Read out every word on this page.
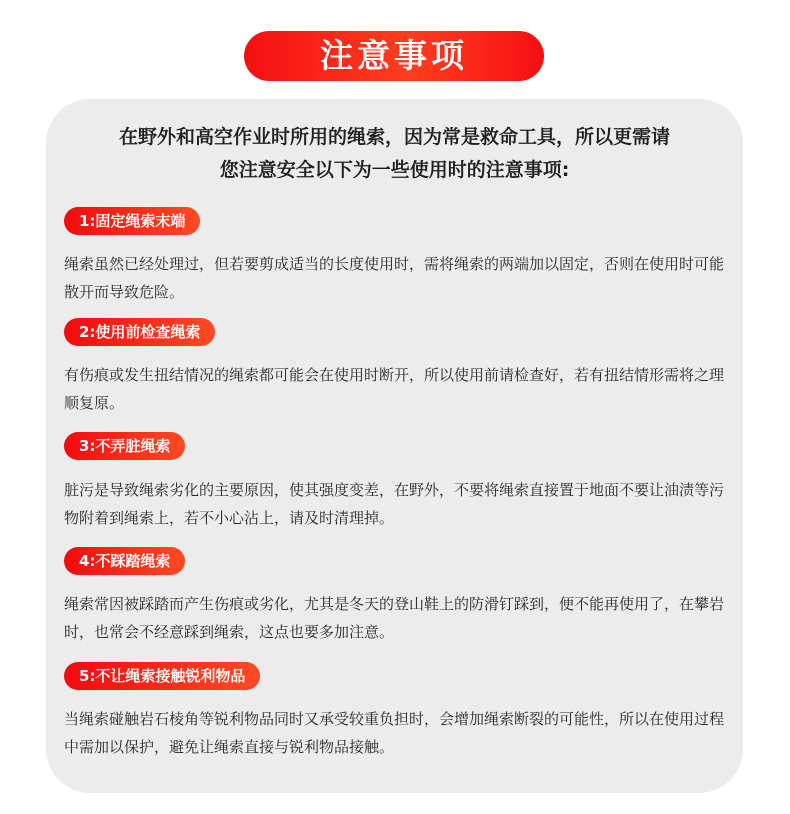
注意事项
在野外和高空作业时所用的绳索，因为常是救命工具，所以更需请
您注意安全以下为一些使用时的注意事项:
1:固定绳索末端
绳索虽然已经处理过，但若要剪成适当的长度使用时，需将绳索的两端加以固定，否则在使用时可能散开而导致危险。
2:使用前检查绳索
有伤痕或发生扭结情况的绳索都可能会在使用时断开，所以使用前请检查好，若有扭结情形需将之理顺复原。
3:不弄脏绳索
脏污是导致绳索劣化的主要原因，使其强度变差，在野外，不要将绳索直接置于地面不要让油渍等污物附着到绳索上，若不小心沾上，请及时清理掉。
4:不踩踏绳索
绳索常因被踩踏而产生伤痕或劣化，尤其是冬天的登山鞋上的防滑钉踩到，便不能再使用了，在攀岩时，也常会不经意踩到绳索，这点也要多加注意。
5:不让绳索接触锐利物品
当绳索碰触岩石棱角等锐利物品同时又承受较重负担时，会增加绳索断裂的可能性，所以在使用过程中需加以保护，避免让绳索直接与锐利物品接触。
